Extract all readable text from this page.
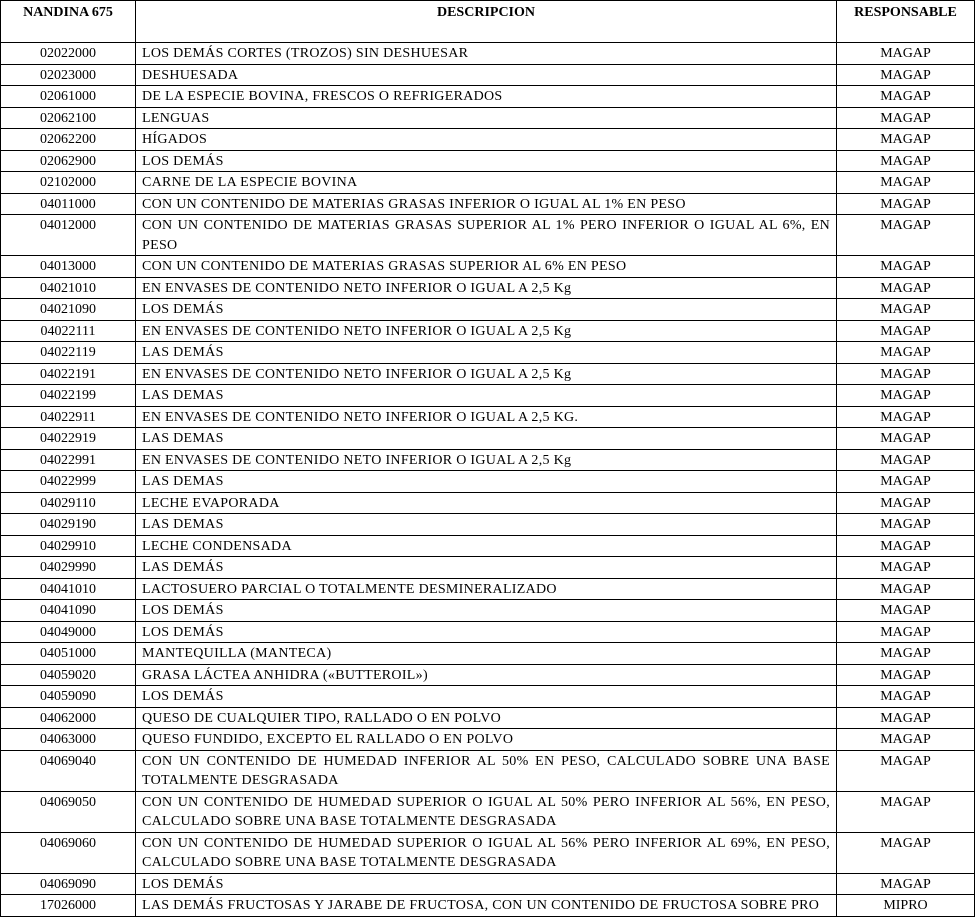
NANDINA 675	DESCRIPCION	RESPONSABLE
02022000	LOS DEMÁS CORTES (TROZOS) SIN DESHUESAR	MAGAP
02023000	DESHUESADA	MAGAP
02061000	DE LA ESPECIE BOVINA, FRESCOS O REFRIGERADOS	MAGAP
02062100	LENGUAS	MAGAP
02062200	HÍGADOS	MAGAP
02062900	LOS DEMÁS	MAGAP
02102000	CARNE DE LA ESPECIE BOVINA	MAGAP
04011000	CON UN CONTENIDO DE MATERIAS GRASAS INFERIOR O IGUAL AL 1% EN PESO	MAGAP
04012000	CON UN CONTENIDO DE MATERIAS GRASAS SUPERIOR AL 1% PERO INFERIOR O IGUAL AL 6%, EN PESO	MAGAP
04013000	CON UN CONTENIDO DE MATERIAS GRASAS SUPERIOR AL 6% EN PESO	MAGAP
04021010	EN ENVASES DE CONTENIDO NETO INFERIOR O IGUAL A 2,5 Kg	MAGAP
04021090	LOS DEMÁS	MAGAP
04022111	EN ENVASES DE CONTENIDO NETO INFERIOR O IGUAL A 2,5 Kg	MAGAP
04022119	LAS DEMÁS	MAGAP
04022191	EN ENVASES DE CONTENIDO NETO INFERIOR O IGUAL A 2,5 Kg	MAGAP
04022199	LAS DEMAS	MAGAP
04022911	EN ENVASES DE CONTENIDO NETO INFERIOR O IGUAL A 2,5 KG.	MAGAP
04022919	LAS DEMAS	MAGAP
04022991	EN ENVASES DE CONTENIDO NETO INFERIOR O IGUAL A 2,5 Kg	MAGAP
04022999	LAS DEMAS	MAGAP
04029110	LECHE EVAPORADA	MAGAP
04029190	LAS DEMAS	MAGAP
04029910	LECHE CONDENSADA	MAGAP
04029990	LAS DEMÁS	MAGAP
04041010	LACTOSUERO PARCIAL O TOTALMENTE DESMINERALIZADO	MAGAP
04041090	LOS DEMÁS	MAGAP
04049000	LOS DEMÁS	MAGAP
04051000	MANTEQUILLA (MANTECA)	MAGAP
04059020	GRASA LÁCTEA ANHIDRA («BUTTEROIL»)	MAGAP
04059090	LOS DEMÁS	MAGAP
04062000	QUESO DE CUALQUIER TIPO, RALLADO O EN POLVO	MAGAP
04063000	QUESO FUNDIDO, EXCEPTO EL RALLADO O EN POLVO	MAGAP
04069040	CON UN CONTENIDO DE HUMEDAD INFERIOR AL 50% EN PESO, CALCULADO SOBRE UNA BASE TOTALMENTE DESGRASADA	MAGAP
04069050	CON UN CONTENIDO DE HUMEDAD SUPERIOR O IGUAL AL 50% PERO INFERIOR AL 56%, EN PESO, CALCULADO SOBRE UNA BASE TOTALMENTE DESGRASADA	MAGAP
04069060	CON UN CONTENIDO DE HUMEDAD SUPERIOR O IGUAL AL 56% PERO INFERIOR AL 69%, EN PESO, CALCULADO SOBRE UNA BASE TOTALMENTE DESGRASADA	MAGAP
04069090	LOS DEMÁS	MAGAP
17026000	LAS DEMÁS FRUCTOSAS Y JARABE DE FRUCTOSA, CON UN CONTENIDO DE FRUCTOSA SOBRE PRO	MIPRO
